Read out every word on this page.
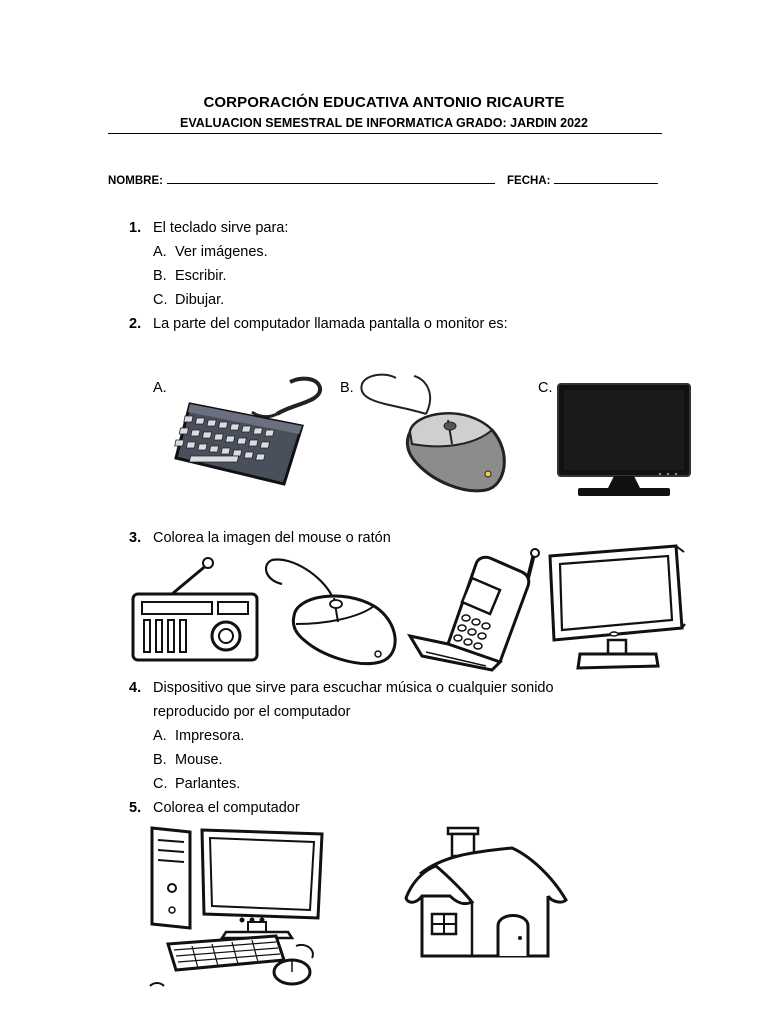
CORPORACIÓN EDUCATIVA ANTONIO RICAURTE
EVALUACION SEMESTRAL DE INFORMATICA GRADO: JARDIN 2022
NOMBRE:	FECHA:
1. El teclado sirve para:
A. Ver imágenes.
B. Escribir.
C. Dibujar.
2. La parte del computador llamada pantalla o monitor es:
A.	B.	C.
3. Colorea la imagen del mouse o ratón
4. Dispositivo que sirve para escuchar música o cualquier sonido
reproducido por el computador
A. Impresora.
B. Mouse.
C. Parlantes.
5. Colorea el computador
